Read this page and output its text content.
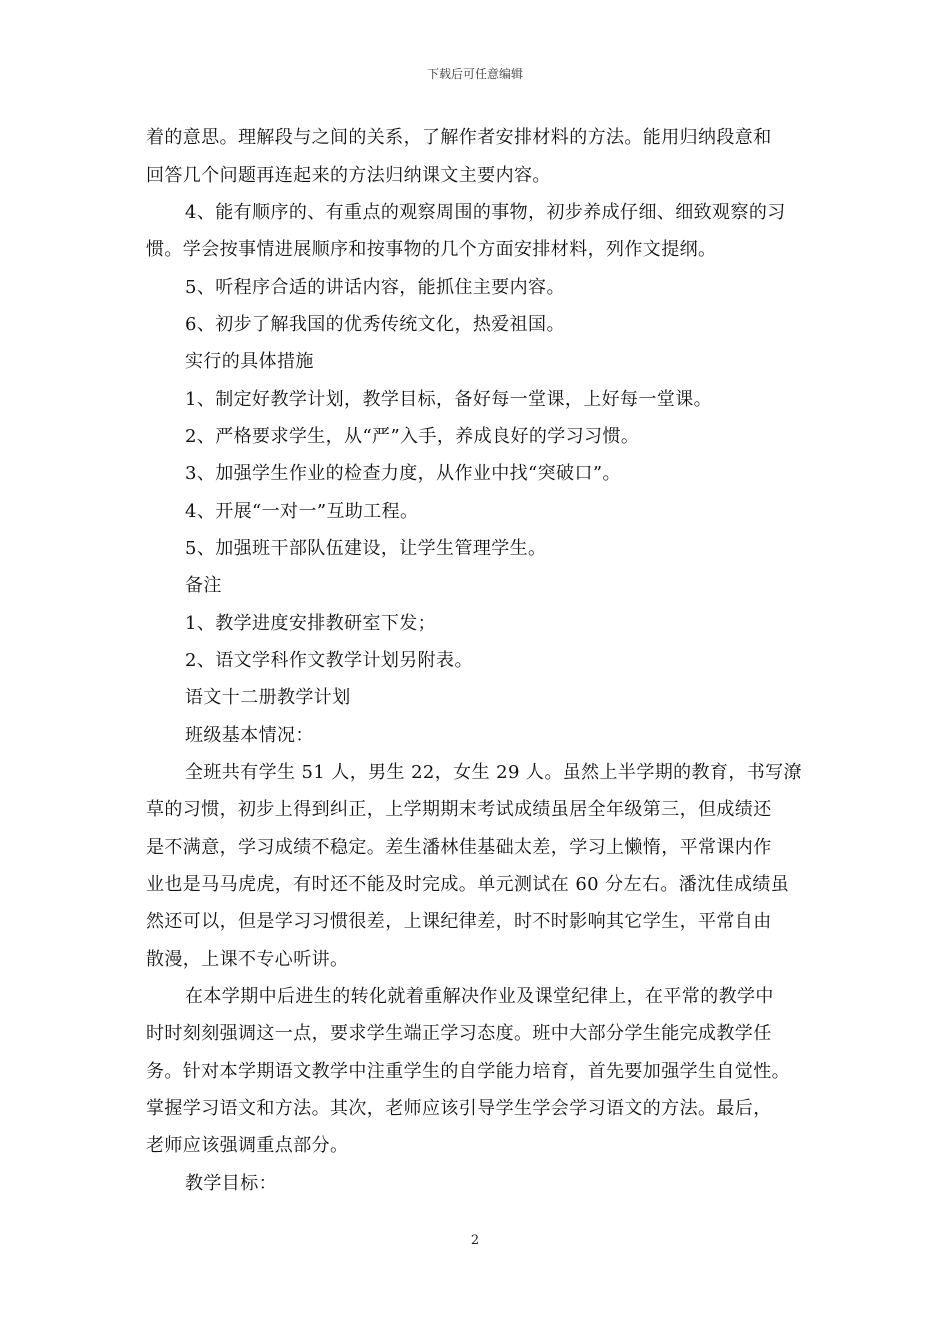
下载后可任意编辑
着的意思。理解段与之间的关系，了解作者安排材料的方法。能用归纳段意和
回答几个问题再连起来的方法归纳课文主要内容。
4、能有顺序的、有重点的观察周围的事物，初步养成仔细、细致观察的习
惯。学会按事情进展顺序和按事物的几个方面安排材料，列作文提纲。
5、听程序合适的讲话内容，能抓住主要内容。
6、初步了解我国的优秀传统文化，热爱祖国。
实行的具体措施
1、制定好教学计划，教学目标，备好每一堂课，上好每一堂课。
2、严格要求学生，从“严”入手，养成良好的学习习惯。
3、加强学生作业的检查力度，从作业中找“突破口”。
4、开展“一对一”互助工程。
5、加强班干部队伍建设，让学生管理学生。
备注
1、教学进度安排教研室下发；
2、语文学科作文教学计划另附表。
语文十二册教学计划
班级基本情况：
全班共有学生 51 人，男生 22，女生 29 人。虽然上半学期的教育，书写潦
草的习惯，初步上得到纠正，上学期期末考试成绩虽居全年级第三，但成绩还
是不满意，学习成绩不稳定。差生潘林佳基础太差，学习上懒惰，平常课内作
业也是马马虎虎，有时还不能及时完成。单元测试在 60 分左右。潘沈佳成绩虽
然还可以，但是学习习惯很差，上课纪律差，时不时影响其它学生，平常自由
散漫，上课不专心听讲。
在本学期中后进生的转化就着重解决作业及课堂纪律上，在平常的教学中
时时刻刻强调这一点，要求学生端正学习态度。班中大部分学生能完成教学任
务。针对本学期语文教学中注重学生的自学能力培育，首先要加强学生自觉性。
掌握学习语文和方法。其次，老师应该引导学生学会学习语文的方法。最后，
老师应该强调重点部分。
教学目标：
2
